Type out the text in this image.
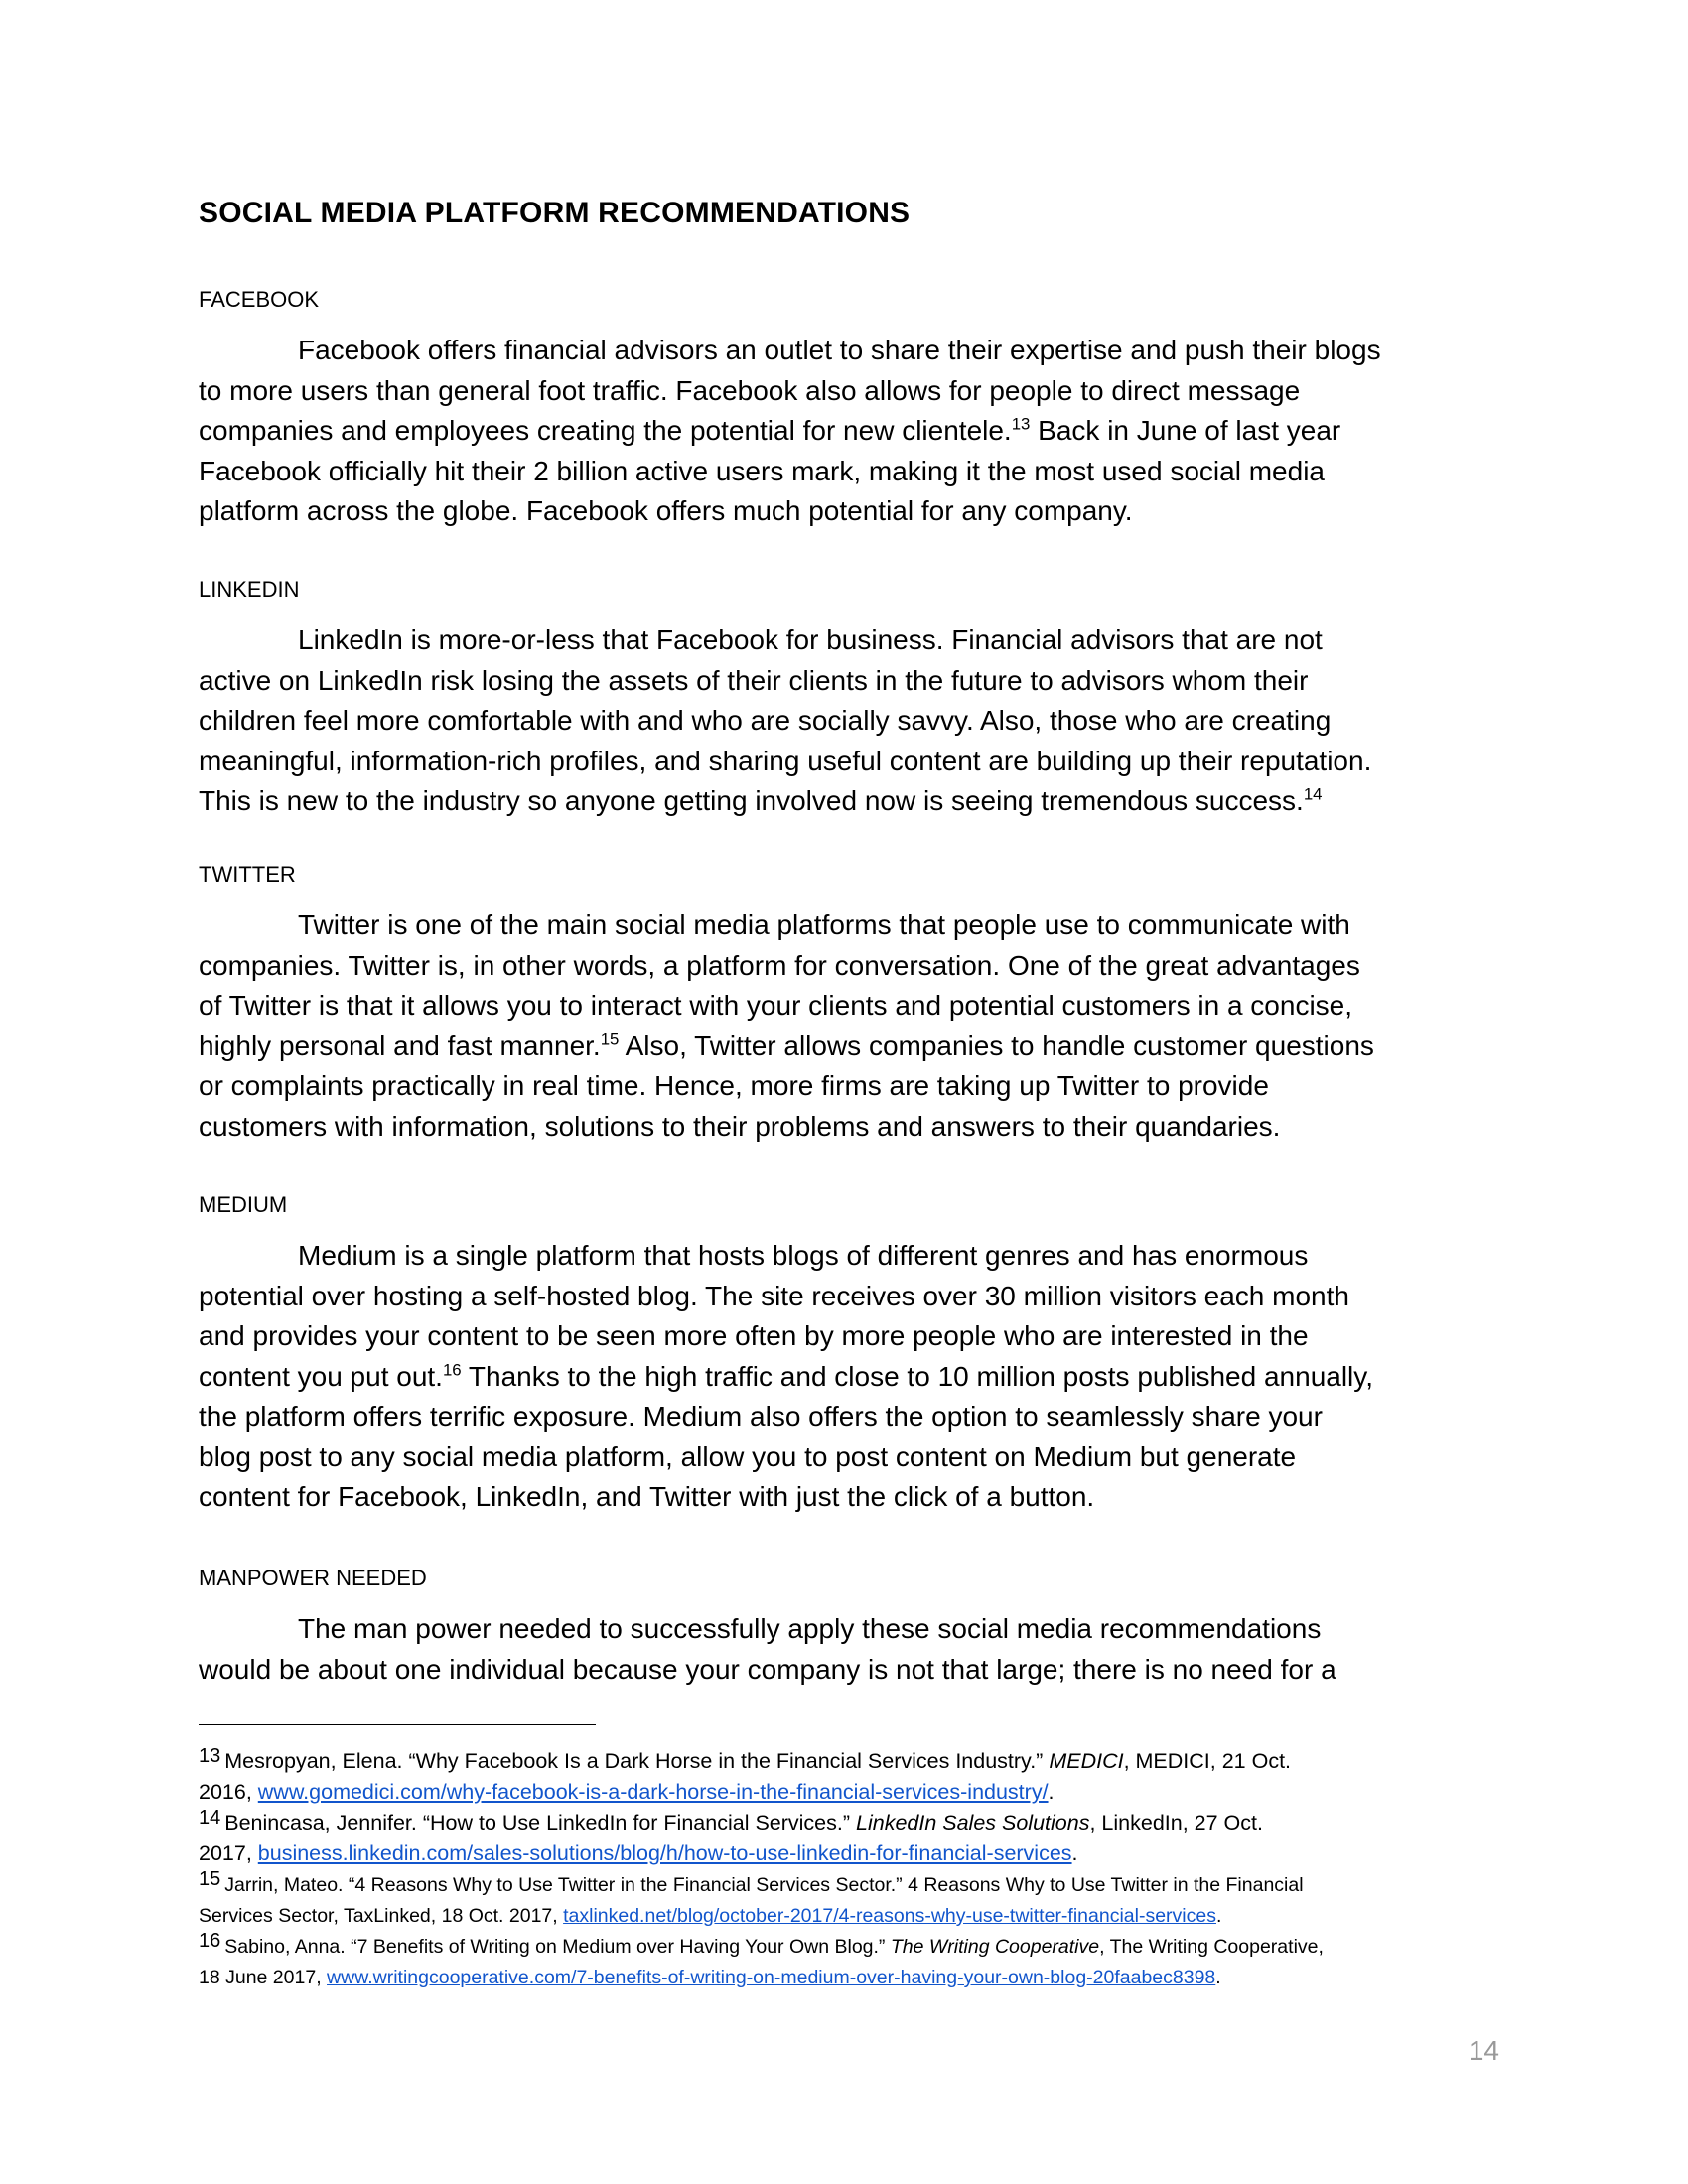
SOCIAL MEDIA PLATFORM RECOMMENDATIONS
FACEBOOK
Facebook offers financial advisors an outlet to share their expertise and push their blogs
to more users than general foot traffic. Facebook also allows for people to direct message
companies and employees creating the potential for new clientele.$^{13}$ Back in June of last year
Facebook officially hit their 2 billion active users mark, making it the most used social media
platform across the globe. Facebook offers much potential for any company.
LINKEDIN
LinkedIn is more-or-less that Facebook for business. Financial advisors that are not
active on LinkedIn risk losing the assets of their clients in the future to advisors whom their
children feel more comfortable with and who are socially savvy. Also, those who are creating
meaningful, information-rich profiles, and sharing useful content are building up their reputation.
This is new to the industry so anyone getting involved now is seeing tremendous success.$^{14}$
TWITTER
Twitter is one of the main social media platforms that people use to communicate with
companies. Twitter is, in other words, a platform for conversation. One of the great advantages
of Twitter is that it allows you to interact with your clients and potential customers in a concise,
highly personal and fast manner.$^{15}$ Also, Twitter allows companies to handle customer questions
or complaints practically in real time. Hence, more firms are taking up Twitter to provide
customers with information, solutions to their problems and answers to their quandaries.
MEDIUM
Medium is a single platform that hosts blogs of different genres and has enormous
potential over hosting a self-hosted blog. The site receives over 30 million visitors each month
and provides your content to be seen more often by more people who are interested in the
content you put out.$^{16}$ Thanks to the high traffic and close to 10 million posts published annually,
the platform offers terrific exposure. Medium also offers the option to seamlessly share your
blog post to any social media platform, allow you to post content on Medium but generate
content for Facebook, LinkedIn, and Twitter with just the click of a button.
MANPOWER NEEDED
The man power needed to successfully apply these social media recommendations
would be about one individual because your company is not that large; there is no need for a
13 Mesropyan, Elena. “Why Facebook Is a Dark Horse in the Financial Services Industry.” MEDICI, MEDICI, 21 Oct.
2016, www.gomedici.com/why-facebook-is-a-dark-horse-in-the-financial-services-industry/.
14 Benincasa, Jennifer. “How to Use LinkedIn for Financial Services.” LinkedIn Sales Solutions, LinkedIn, 27 Oct.
2017, business.linkedin.com/sales-solutions/blog/h/how-to-use-linkedin-for-financial-services.
15 Jarrin, Mateo. “4 Reasons Why to Use Twitter in the Financial Services Sector.” 4 Reasons Why to Use Twitter in the Financial
Services Sector, TaxLinked, 18 Oct. 2017, taxlinked.net/blog/october-2017/4-reasons-why-use-twitter-financial-services.
16 Sabino, Anna. “7 Benefits of Writing on Medium over Having Your Own Blog.” The Writing Cooperative, The Writing Cooperative,
18 June 2017, www.writingcooperative.com/7-benefits-of-writing-on-medium-over-having-your-own-blog-20faabec8398.
14
